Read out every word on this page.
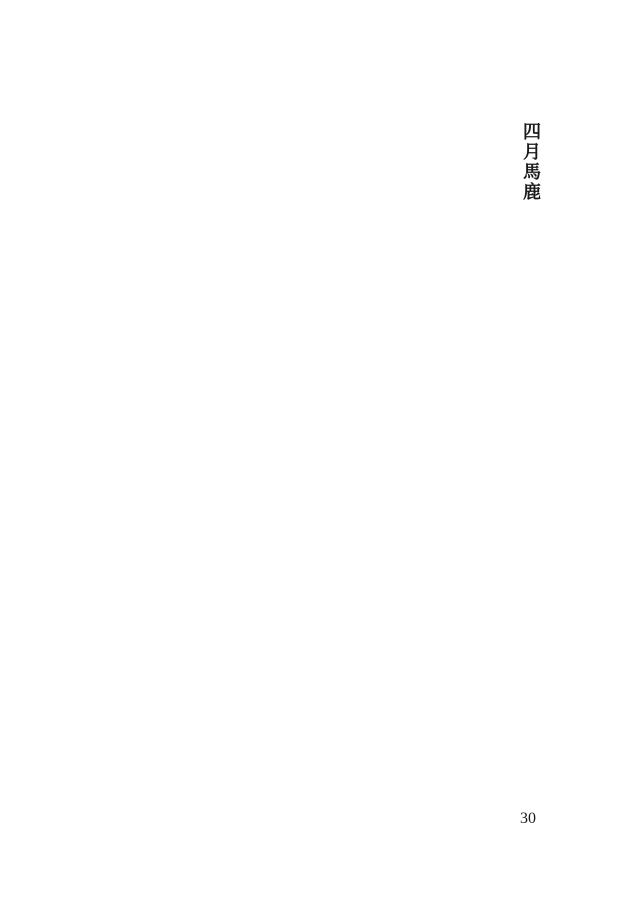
四月馬鹿
30
